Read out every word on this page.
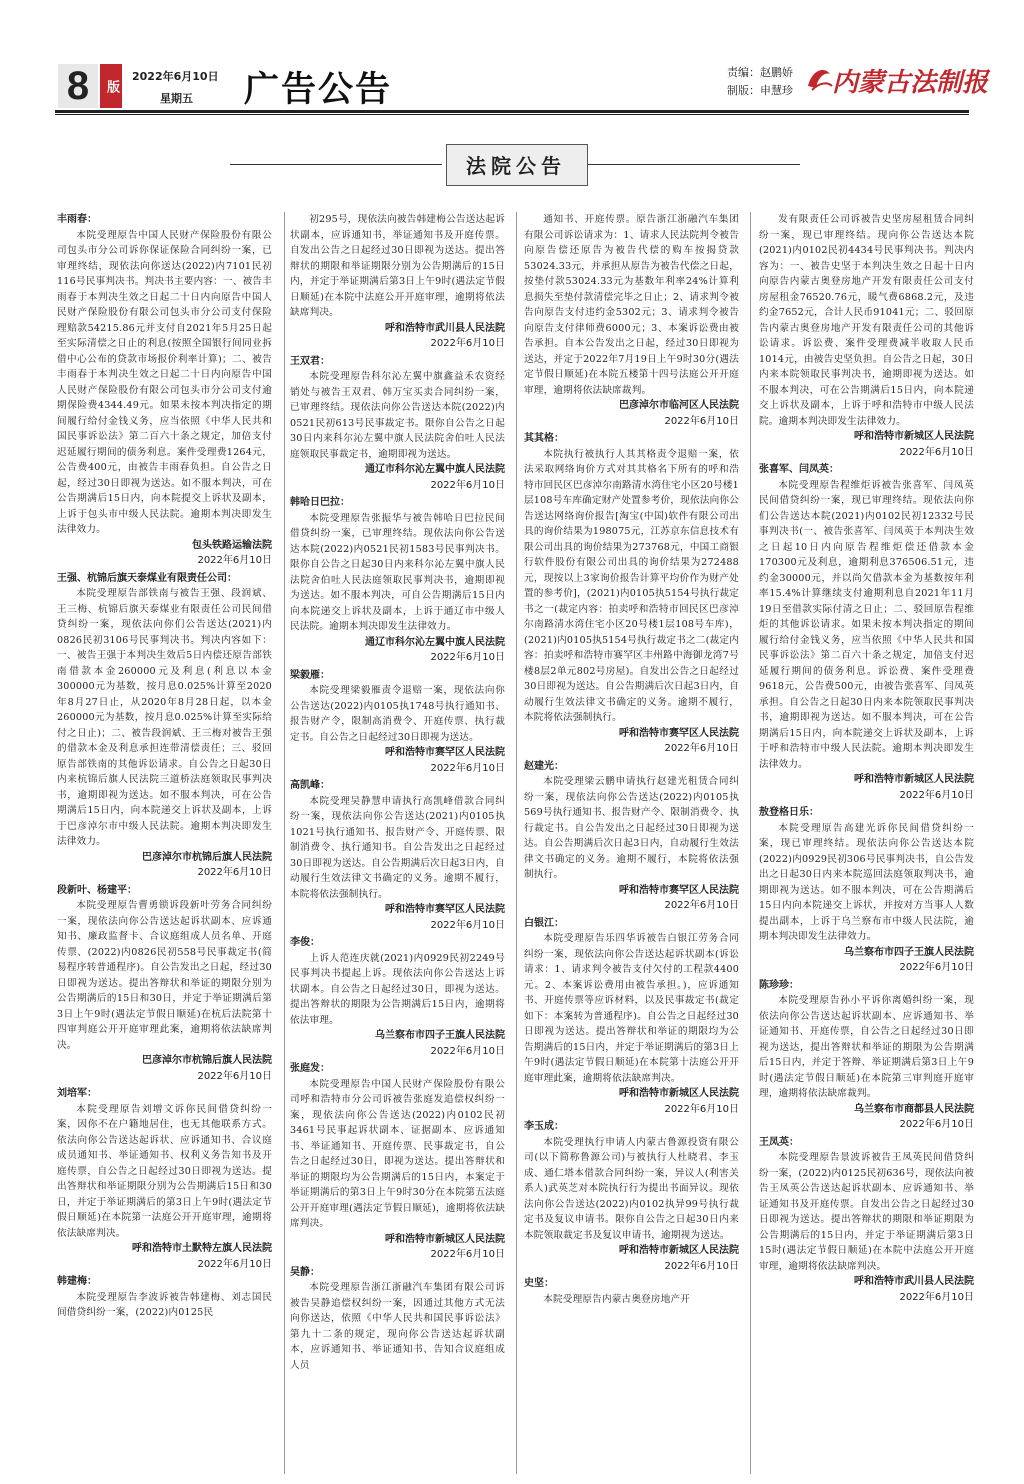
8	版
2022年6月10日
星期五 广告公告	责编：赵鹏娇
制版：申慧珍 内蒙古法制报
法院公告

丰雨春：

本院受理原告中国人民财产保险股份有限公司包头市分公司诉你保证保险合同纠纷一案，已审理终结，现依法向你送达(2022)内7101民初116号民事判决书。判决书主要内容：一、被告丰雨春于本判决生效之日起二十日内向原告中国人民财产保险股份有限公司包头市分公司支付保险理赔款54215.86元并支付自2021年5月25日起至实际清偿之日止的利息(按照全国银行间同业拆借中心公布的贷款市场报价利率计算)；二、被告丰雨春于本判决生效之日起二十日内向原告中国人民财产保险股份有限公司包头市分公司支付逾期保险费4344.49元。如果未按本判决指定的期间履行给付金钱义务，应当依照《中华人民共和国民事诉讼法》第二百六十条之规定，加倍支付迟延履行期间的债务利息。案件受理费1264元，公告费400元，由被告丰雨春负担。自公告之日起，经过30日即视为送达。如不服本判决，可在公告期满后15日内，向本院提交上诉状及副本，上诉于包头市中级人民法院。逾期本判决即发生法律效力。

包头铁路运输法院

2022年6月10日

王强、杭锦后旗天泰煤业有限责任公司：

本院受理原告部铁南与被告王强、段润斌、王三梅、杭锦后旗天泰煤业有限责任公司民间借贷纠纷一案，现依法向你们公告送达(2021)内0826民初3106号民事判决书。判决内容如下：一、被告王强于本判决生效后5日内偿还原告部铁南借款本金260000元及利息(利息以本金300000元为基数，按月息0.025%计算至2020年8月27日止，从2020年8月28日起，以本金260000元为基数，按月息0.025%计算至实际给付之日止)；二、被告段润斌、王三梅对被告王强的借款本金及利息承担连带清偿责任；三、驳回原告部铁南的其他诉讼请求。自公告之日起30日内来杭锦后旗人民法院三道桥法庭领取民事判决书，逾期即视为送达。如不服本判决，可在公告期满后15日内，向本院递交上诉状及副本，上诉于巴彦淖尔市中级人民法院。逾期本判决即发生法律效力。

巴彦淖尔市杭锦后旗人民法院

2022年6月10日

段新叶、杨建平：

本院受理原告曹勇锁诉段新叶劳务合同纠纷一案，现依法向你公告送达起诉状副本、应诉通知书、廉政监督卡、合议庭组成人员名单、开庭传票、(2022)内0826民初558号民事裁定书(简易程序转普通程序)。自公告发出之日起，经过30日即视为送达。提出答辩状和举证的期限分别为公告期满后的15日和30日，并定于举证期满后第3日上午9时(遇法定节假日顺延)在杭后法院第十四审判庭公开开庭审理此案，逾期将依法缺席判决。

巴彦淖尔市杭锦后旗人民法院

2022年6月10日

刘培军：

本院受理原告刘增文诉你民间借贷纠纷一案，因你不在户籍地居住，也无其他联系方式。依法向你公告送达起诉状、应诉通知书、合议庭成员通知书、举证通知书、权利义务告知书及开庭传票，自公告之日起经过30日即视为送达。提出答辩状和举证期限分别为公告期满后15日和30日，并定于举证期满后的第3日上午9时(遇法定节假日顺延)在本院第一法庭公开开庭审理，逾期将依法缺席判决。

呼和浩特市土默特左旗人民法院

2022年6月10日

韩建梅：

本院受理原告李波诉被告韩建梅、刘志国民间借贷纠纷一案，(2022)内0125民

初295号，现依法向被告韩建梅公告送达起诉状副本，应诉通知书，举证通知书及开庭传票。自发出公告之日起经过30日即视为送达。提出答辩状的期限和举证期限分别为公告期满后的15日内，并定于举证期满后第3日上午9时(遇法定节假日顺延)在本院中法庭公开开庭审理，逾期将依法缺席判决。

呼和浩特市武川县人民法院

2022年6月10日

王双君：

本院受理原告科尔沁左翼中旗鑫益禾农资经销处与被告王双君、韩万宝买卖合同纠纷一案，已审理终结。现依法向你公告送达本院(2022)内0521民初613号民事裁定书。限你自公告之日起30日内来科尔沁左翼中旗人民法院舍伯吐人民法庭领取民事裁定书，逾期即视为送达。

通辽市科尔沁左翼中旗人民法院

2022年6月10日

韩哈日巴拉：

本院受理原告张振华与被告韩哈日巴拉民间借贷纠纷一案，已审理终结。现依法向你公告送达本院(2022)内0521民初1583号民事判决书。限你自公告之日起30日内来科尔沁左翼中旗人民法院舍伯吐人民法庭领取民事判决书，逾期即视为送达。如不服本判决，可自公告期满后15日内向本院递交上诉状及副本，上诉于通辽市中级人民法院。逾期本判决即发生法律效力。

通辽市科尔沁左翼中旗人民法院

2022年6月10日

梁毅雁：

本院受理梁毅雁责令退赔一案，现依法向你公告送达(2022)内0105执1748号执行通知书、报告财产令，限制高消费令、开庭传票、执行裁定书。自公告之日起经过30日即视为送达。

呼和浩特市赛罕区人民法院

2022年6月10日

高凯峰：

本院受理吴静慧申请执行高凯峰借款合同纠纷一案，现依法向你公告送达(2021)内0105执1021号执行通知书、报告财产令、开庭传票、限制消费令、执行通知书。自公告发出之日起经过30日即视为送达。自公告期满后次日起3日内，自动履行生效法律文书确定的义务。逾期不履行，本院将依法强制执行。

呼和浩特市赛罕区人民法院

2022年6月10日

李俊：

上诉人范连庆就(2021)内0929民初2249号民事判决书提起上诉。现依法向你公告送达上诉状副本。自公告之日起经过30日，即视为送达。提出答辩状的期限为公告期满后15日内，逾期将依法审理。

乌兰察布市四子王旗人民法院

2022年6月10日

张庭发：

本院受理原告中国人民财产保险股份有限公司呼和浩特市分公司诉被告张庭发追偿权纠纷一案，现依法向你公告送达(2022)内0102民初3461号民事起诉状副本、证据副本、应诉通知书、举证通知书、开庭传票、民事裁定书，自公告之日起经过30日，即视为送达。提出答辩状和举证的期限均为公告期满后的15日内，本案定于举证期满后的第3日上午9时30分在本院第五法庭公开开庭审理(遇法定节假日顺延)，逾期将依法缺席判决。

呼和浩特市新城区人民法院

2022年6月10日

吴静：

本院受理原告浙江浙融汽车集团有限公司诉被告吴静追偿权纠纷一案，因通过其他方式无法向你送达，依照《中华人民共和国民事诉讼法》第九十二条的规定，现向你公告送达起诉状副本，应诉通知书、举证通知书、告知合议庭组成人员

通知书、开庭传票。原告浙江浙融汽车集团有限公司诉讼请求为：1、请求人民法院判令被告向原告偿还原告为被告代偿的购车按揭贷款53024.33元，并承担从原告为被告代偿之日起，按垫付款53024.33元为基数年利率24%计算利息损失至垫付款清偿完毕之日止；2、请求判令被告向原告支付违约金5302元；3、请求判令被告向原告支付律师费6000元；3、本案诉讼费由被告承担。自本公告发出之日起，经过30日即视为送达，并定于2022年7月19日上午9时30分(遇法定节假日顺延)在本院五楼第十四号法庭公开开庭审理，逾期将依法缺席裁判。

巴彦淖尔市临河区人民法院

2022年6月10日

其其格：

本院执行被执行人其其格责令退赔一案，依法采取网络询价方式对其其格名下所有的呼和浩特市回民区巴彦淖尔南路清水湾住宅小区20号楼1层108号车库确定财产处置参考价，现依法向你公告送达网络询价报告[淘宝(中国)软件有限公司出具的询价结果为198075元，江苏京东信息技术有限公司出具的询价结果为273768元，中国工商银行软件股份有限公司出具的询价结果为272488元，现按以上3家询价报告计算平均价作为财产处置的参考价]，(2021)内0105执5154号执行裁定书之一(裁定内容：拍卖呼和浩特市回民区巴彦淖尔南路清水湾住宅小区20号楼1层108号车库)，(2021)内0105执5154号执行裁定书之二(裁定内容：拍卖呼和浩特市赛罕区丰州路中海御龙湾7号楼8层2单元802号房屋)。自发出公告之日起经过30日即视为送达。自公告期满后次日起3日内，自动履行生效法律文书确定的义务。逾期不履行，本院将依法强制执行。

呼和浩特市赛罕区人民法院

2022年6月10日

赵建光：

本院受理梁云鹏申请执行赵建光租赁合同纠纷一案，现依法向你公告送达(2022)内0105执569号执行通知书、报告财产令、限制消费令、执行裁定书。自公告发出之日起经过30日即视为送达。自公告期满后次日起3日内，自动履行生效法律文书确定的义务。逾期不履行，本院将依法强制执行。

呼和浩特市赛罕区人民法院

2022年6月10日

白银江：

本院受理原告乐四华诉被告白银江劳务合同纠纷一案，现依法向你公告送达起诉状副本(诉讼请求：1、请求判令被告支付欠付的工程款4400元。2、本案诉讼费用由被告承担。)，应诉通知书、开庭传票等应诉材料，以及民事裁定书(裁定如下：本案转为普通程序)。自公告之日起经过30日即视为送达。提出答辩状和举证的期限均为公告期满后的15日内，并定于举证期满后的第3日上午9时(遇法定节假日顺延)在本院第十法庭公开开庭审理此案，逾期将依法缺席判决。

呼和浩特市新城区人民法院

2022年6月10日

李玉成：

本院受理执行申请人内蒙古鲁源投资有限公司(以下简称鲁源公司)与被执行人杜晓君、李玉成、通仁塔本借款合同纠纷一案，异议人(利害关系人)武英芝对本院执行行为提出书面异议。现依法向你公告送达(2022)内0102执异99号执行裁定书及复议申请书。限你自公告之日起30日内来本院领取裁定书及复议申请书，逾期视为送达。

呼和浩特市新城区人民法院

2022年6月10日

史坚：

本院受理原告内蒙古奥登房地产开

发有限责任公司诉被告史坚房屋租赁合同纠纷一案，现已审理终结。现向你公告送达本院(2021)内0102民初4434号民事判决书。判决内容为：一、被告史坚于本判决生效之日起十日内向原告内蒙古奥登房地产开发有限责任公司支付房屋租金76520.76元，暖气费6868.2元，及违约金7652元，合计人民币91041元；二、驳回原告内蒙古奥登房地产开发有限责任公司的其他诉讼请求。诉讼费、案件受理费减半收取人民币1014元，由被告史坚负担。自公告之日起，30日内来本院领取民事判决书，逾期即视为送达。如不服本判决，可在公告期满后15日内，向本院递交上诉状及副本，上诉于呼和浩特市中级人民法院。逾期本判决即发生法律效力。

呼和浩特市新城区人民法院

2022年6月10日

张喜军、闫凤英：

本院受理原告程维炬诉被告张喜军、闫凤英民间借贷纠纷一案，现已审理终结。现依法向你们公告送达本院(2021)内0102民初12332号民事判决书(一、被告张喜军、闫凤英于本判决生效之日起10日内向原告程维炬偿还借款本金170300元及利息，逾期利息376506.51元，违约金30000元，并以尚欠借款本金为基数按年利率15.4%计算继续支付逾期利息自2021年11月19日至借款实际付清之日止；二、驳回原告程维炬的其他诉讼请求。如果未按本判决指定的期间履行给付金钱义务，应当依照《中华人民共和国民事诉讼法》第二百六十条之规定，加倍支付迟延履行期间的债务利息。诉讼费、案件受理费9618元，公告费500元，由被告张喜军、闫凤英承担。自公告之日起30日内来本院领取民事判决书，逾期即视为送达。如不服本判决，可在公告期满后15日内，向本院递交上诉状及副本，上诉于呼和浩特市中级人民法院。逾期本判决即发生法律效力。

呼和浩特市新城区人民法院

2022年6月10日

敖登格日乐：

本院受理原告高建光诉你民间借贷纠纷一案，现已审理终结。现依法向你公告送达本院(2022)内0929民初306号民事判决书，自公告发出之日起30日内来本院巡回法庭领取判决书，逾期即视为送达。如不服本判决，可在公告期满后15日内向本院递交上诉状，并按对方当事人人数提出副本，上诉于乌兰察布市中级人民法院，逾期本判决即发生法律效力。

乌兰察布市四子王旗人民法院

2022年6月10日

陈珍珍：

本院受理原告孙小平诉你离婚纠纷一案，现依法向你公告送达起诉状副本、应诉通知书、举证通知书、开庭传票，自公告之日起经过30日即视为送达，提出答辩状和举证的期限为公告期满后15日内，并定于答辩、举证期满后第3日上午9时(遇法定节假日顺延)在本院第三审判庭开庭审理，逾期将依法缺席裁判。

乌兰察布市商都县人民法院

2022年6月10日

王凤英：

本院受理原告景波诉被告王凤英民间借贷纠纷一案，(2022)内0125民初636号，现依法向被告王凤英公告送达起诉状副本、应诉通知书、举证通知书及开庭传票。自发出公告之日起经过30日即视为送达。提出答辩状的期限和举证期限为公告期满后的15日内，并定于举证期满后第3日15时(遇法定节假日顺延)在本院中法庭公开开庭审理，逾期将依法缺席判决。

呼和浩特市武川县人民法院

2022年6月10日
